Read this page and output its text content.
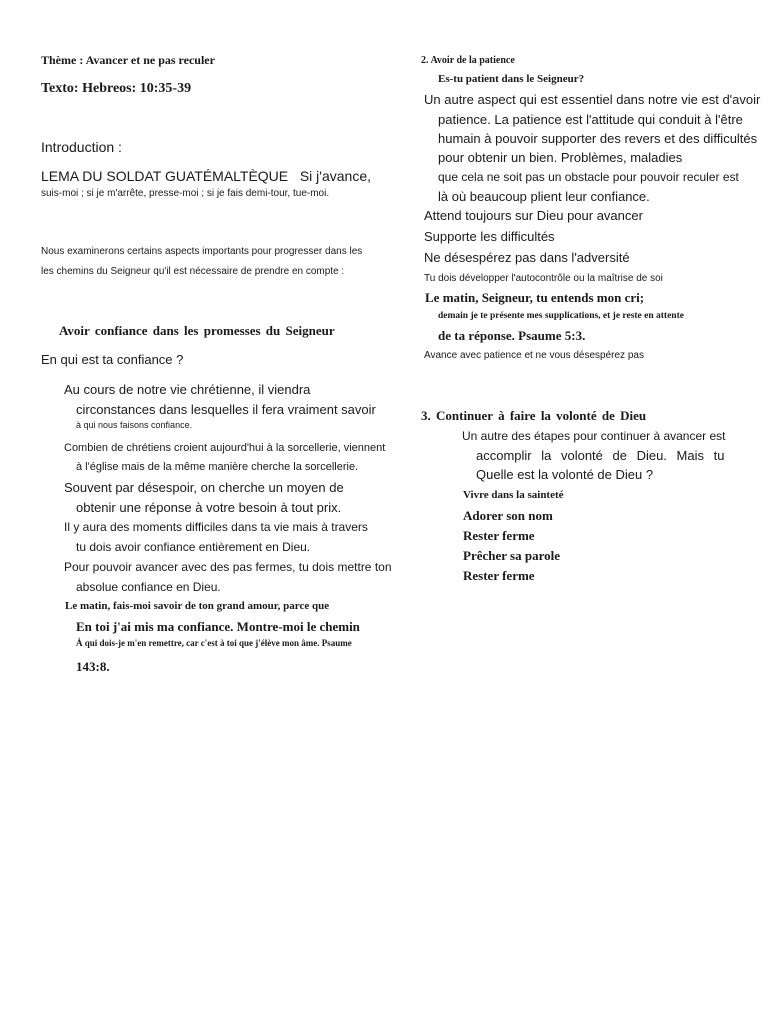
Thème : Avancer et ne pas reculer
Texto: Hebreos: 10:35-39
Introduction :
LEMA DU SOLDAT GUATÉMALTÈQUE Si j'avance,
suis-moi ; si je m'arrête, presse-moi ; si je fais demi-tour, tue-moi.
Nous examinerons certains aspects importants pour progresser dans les
les chemins du Seigneur qu'il est nécessaire de prendre en compte :
Avoir confiance dans les promesses du Seigneur
En qui est ta confiance ?
Au cours de notre vie chrétienne, il viendra
circonstances dans lesquelles il fera vraiment savoir
à qui nous faisons confiance.
Combien de chrétiens croient aujourd'hui à la sorcellerie, viennent
à l'église mais de la même manière cherche la sorcellerie.
Souvent par désespoir, on cherche un moyen de
obtenir une réponse à votre besoin à tout prix.
Il y aura des moments difficiles dans ta vie mais à travers
tu dois avoir confiance entièrement en Dieu.
Pour pouvoir avancer avec des pas fermes, tu dois mettre ton
absolue confiance en Dieu.
Le matin, fais-moi savoir de ton grand amour, parce que
En toi j'ai mis ma confiance. Montre-moi le chemin
À qui dois-je m'en remettre, car c'est à toi que j'élève mon âme. Psaume
143:8.
2. Avoir de la patience
Es-tu patient dans le Seigneur?
Un autre aspect qui est essentiel dans notre vie est d'avoir
patience. La patience est l'attitude qui conduit à l'être
humain à pouvoir supporter des revers et des difficultés
pour obtenir un bien. Problèmes, maladies
que cela ne soit pas un obstacle pour pouvoir reculer est
là où beaucoup plient leur confiance.
Attend toujours sur Dieu pour avancer
Supporte les difficultés
Ne désespérez pas dans l'adversité
Tu dois développer l'autocontrôle ou la maîtrise de soi
Le matin, Seigneur, tu entends mon cri;
demain je te présente mes supplications, et je reste en attente
de ta réponse. Psaume 5:3.
Avance avec patience et ne vous désespérez pas
3. Continuer à faire la volonté de Dieu
Un autre des étapes pour continuer à avancer est
accomplir la volonté de Dieu. Mais tu
Quelle est la volonté de Dieu ?
Vivre dans la sainteté
Adorer son nom
Rester ferme
Prêcher sa parole
Rester ferme
